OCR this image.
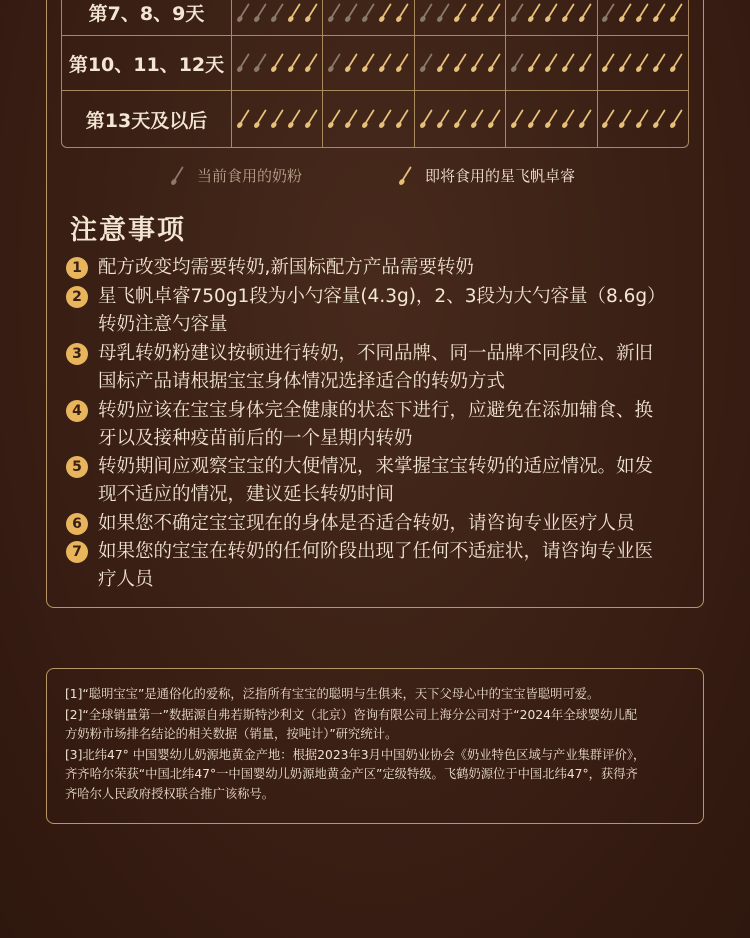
第7、8、9天
第10、11、12天
第13天及以后
当前食用的奶粉	即将食用的星飞帆卓睿
注意事项
1 配方改变均需要转奶,新国标配方产品需要转奶
2 星飞帆卓睿750g1段为小勺容量(4.3g)，2、3段为大勺容量（8.6g）
转奶注意勺容量
3 母乳转奶粉建议按顿进行转奶，不同品牌、同一品牌不同段位、新旧
国标产品请根据宝宝身体情况选择适合的转奶方式
4 转奶应该在宝宝身体完全健康的状态下进行，应避免在添加辅食、换
牙以及接种疫苗前后的一个星期内转奶
5 转奶期间应观察宝宝的大便情况，来掌握宝宝转奶的适应情况。如发
现不适应的情况，建议延长转奶时间
6 如果您不确定宝宝现在的身体是否适合转奶，请咨询专业医疗人员
7 如果您的宝宝在转奶的任何阶段出现了任何不适症状，请咨询专业医
疗人员

[1]“聪明宝宝”是通俗化的爱称，泛指所有宝宝的聪明与生俱来，天下父母心中的宝宝皆聪明可爱。

[2]“全球销量第一”数据源自弗若斯特沙利文（北京）咨询有限公司上海分公司对于“2024年全球婴幼儿配
方奶粉市场排名结论的相关数据（销量，按吨计）”研究统计。

[3]北纬47° 中国婴幼儿奶源地黄金产地：根据2023年3月中国奶业协会《奶业特色区域与产业集群评价》，
齐齐哈尔荣获“中国北纬47°一中国婴幼儿奶源地黄金产区”定级特级。飞鹤奶源位于中国北纬47°，获得齐
齐哈尔人民政府授权联合推广该称号。
